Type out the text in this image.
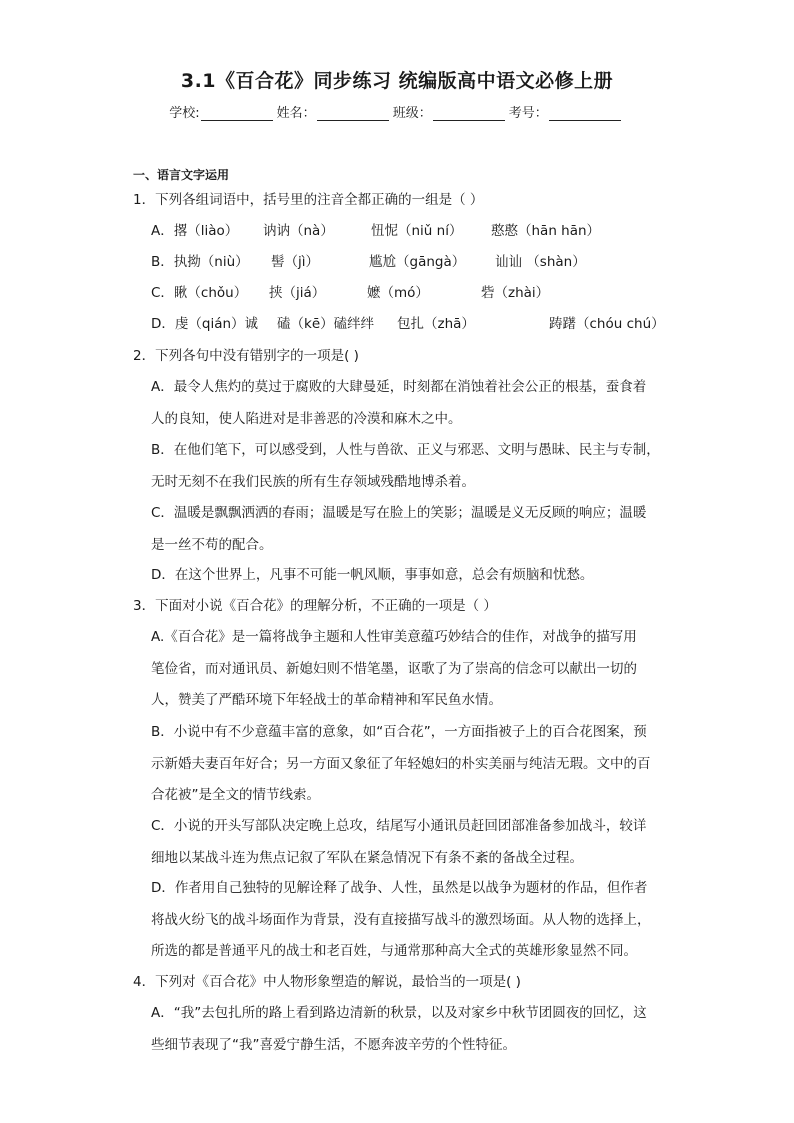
3.1《百合花》同步练习 统编版高中语文必修上册
学校:	姓名：	班级：	考号：
一、语言文字运用
1．下列各组词语中，括号里的注音全都正确的一组是（ ）
A．撂（liào） 讷讷（nà）	忸怩（niǔ ní） 憨憨（hān hān）
B．执拗（niù） 髻（jì）	尴尬（gāngà） 讪讪 （shàn）
C．瞅（chǒu） 挟（jiá）	嬷（mó）	砦（zhài）
D．虔（qián）诚 磕（kē）磕绊绊 包扎（zhā）	踌躇（chóu chú）
2．下列各句中没有错别字的一项是( )
A．最令人焦灼的莫过于腐败的大肆曼延，时刻都在消蚀着社会公正的根基，蚕食着
人的良知，使人陷进对是非善恶的冷漠和麻木之中。
B．在他们笔下，可以感受到，人性与兽欲、正义与邪恶、文明与愚昧、民主与专制，
无时无刻不在我们民族的所有生存领域残酷地博杀着。
C．温暖是飘飘洒洒的春雨；温暖是写在脸上的笑影；温暖是义无反顾的响应；温暖
是一丝不苟的配合。
D．在这个世界上，凡事不可能一帆风顺，事事如意，总会有烦脑和忧愁。
3．下面对小说《百合花》的理解分析，不正确的一项是（ ）
A.《百合花》是一篇将战争主题和人性审美意蕴巧妙结合的佳作，对战争的描写用
笔俭省，而对通讯员、新媳妇则不惜笔墨，讴歌了为了崇高的信念可以献出一切的
人，赞美了严酷环境下年轻战士的革命精神和军民鱼水情。
B．小说中有不少意蕴丰富的意象，如“百合花”，一方面指被子上的百合花图案，预
示新婚夫妻百年好合；另一方面又象征了年轻媳妇的朴实美丽与纯洁无瑕。文中的百
合花被”是全文的情节线索。
C．小说的开头写部队决定晚上总攻，结尾写小通讯员赶回团部准备参加战斗，较详
细地以某战斗连为焦点记叙了军队在紧急情况下有条不紊的备战全过程。
D．作者用自己独特的见解诠释了战争、人性，虽然是以战争为题材的作品，但作者
将战火纷飞的战斗场面作为背景，没有直接描写战斗的激烈场面。从人物的选择上，
所选的都是普通平凡的战士和老百姓，与通常那种高大全式的英雄形象显然不同。
4．下列对《百合花》中人物形象塑造的解说，最恰当的一项是( )
A．“我”去包扎所的路上看到路边清新的秋景，以及对家乡中秋节团圆夜的回忆，这
些细节表现了“我”喜爱宁静生活，不愿奔波辛劳的个性特征。
